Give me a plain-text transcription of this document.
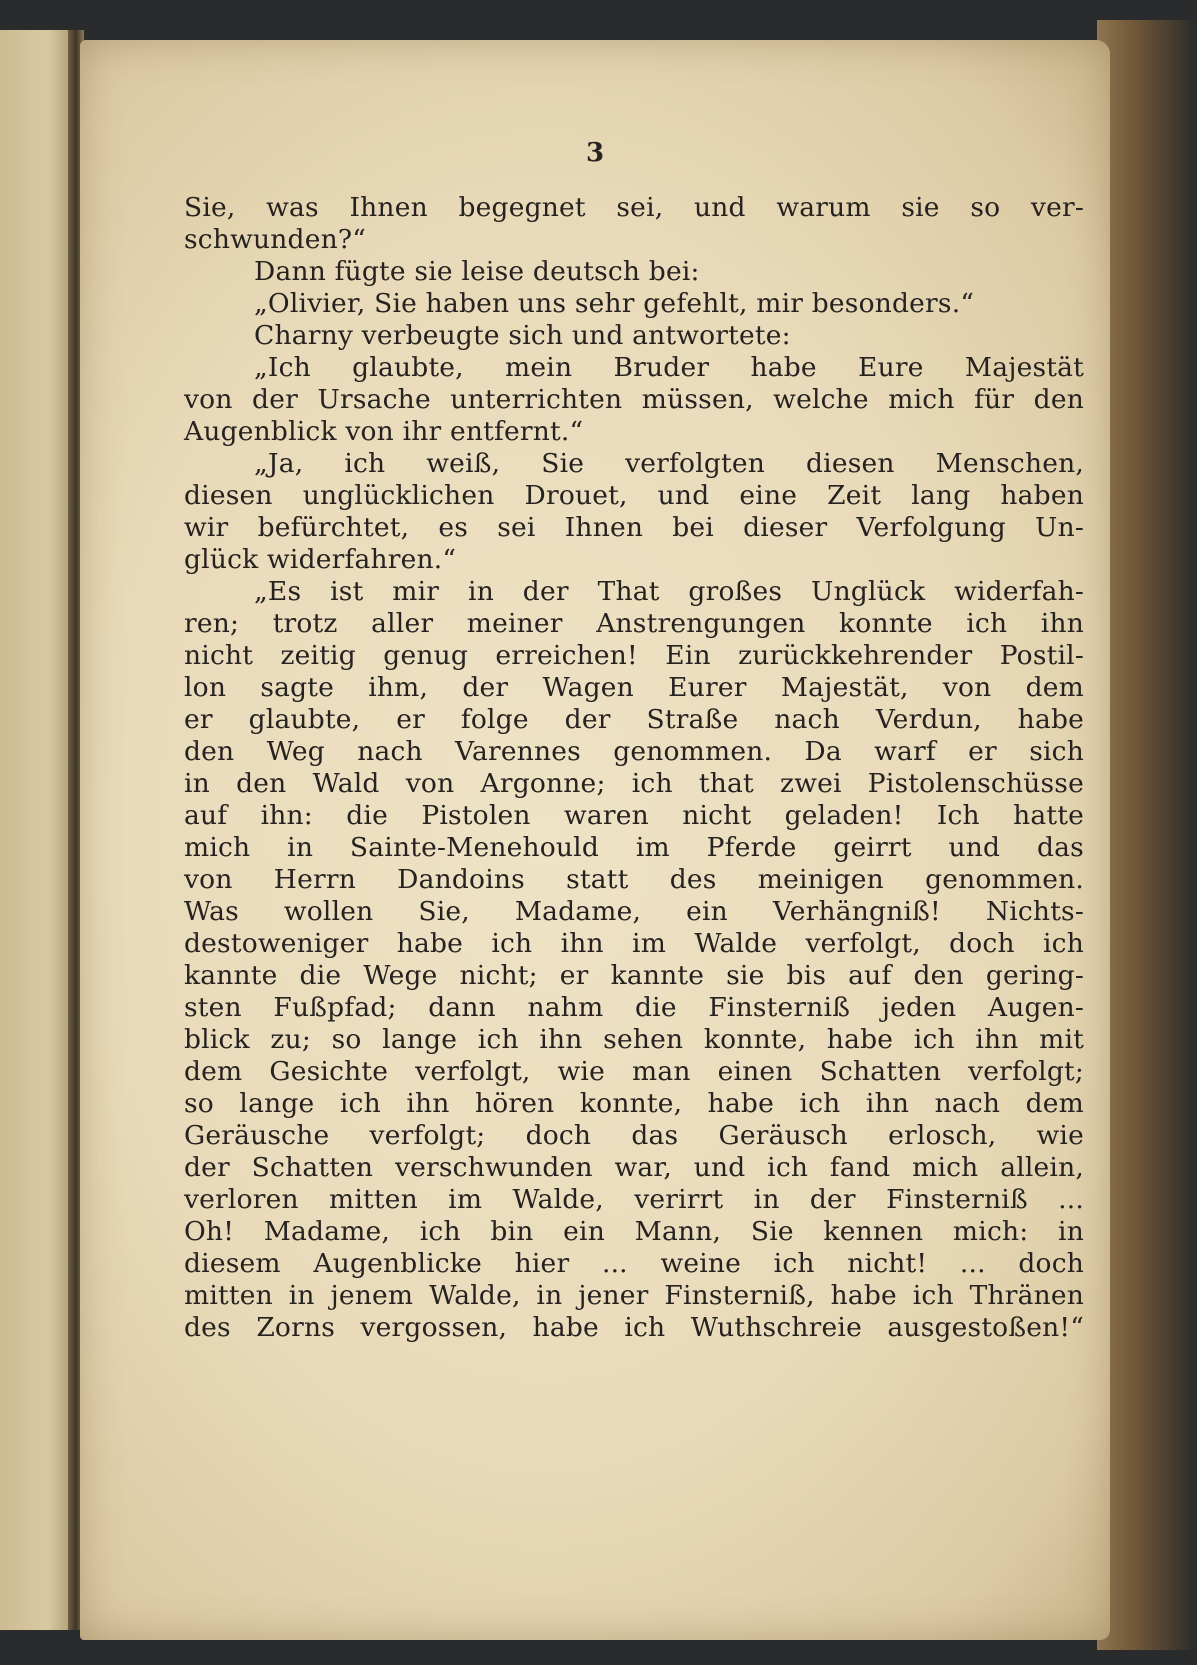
3
Sie, was Ihnen begegnet sei, und warum sie so ver-
schwunden?“
Dann fügte sie leise deutsch bei:
„Olivier, Sie haben uns sehr gefehlt, mir besonders.“
Charny verbeugte sich und antwortete:
„Ich glaubte, mein Bruder habe Eure Majestät
von der Ursache unterrichten müssen, welche mich für den
Augenblick von ihr entfernt.“
„Ja, ich weiß, Sie verfolgten diesen Menschen,
diesen unglücklichen Drouet, und eine Zeit lang haben
wir befürchtet, es sei Ihnen bei dieser Verfolgung Un-
glück widerfahren.“
„Es ist mir in der That großes Unglück widerfah-
ren; trotz aller meiner Anstrengungen konnte ich ihn
nicht zeitig genug erreichen! Ein zurückkehrender Postil-
lon sagte ihm, der Wagen Eurer Majestät, von dem
er glaubte, er folge der Straße nach Verdun, habe
den Weg nach Varennes genommen. Da warf er sich
in den Wald von Argonne; ich that zwei Pistolenschüsse
auf ihn: die Pistolen waren nicht geladen! Ich hatte
mich in Sainte-Menehould im Pferde geirrt und das
von Herrn Dandoins statt des meinigen genommen.
Was wollen Sie, Madame, ein Verhängniß! Nichts-
destoweniger habe ich ihn im Walde verfolgt, doch ich
kannte die Wege nicht; er kannte sie bis auf den gering-
sten Fußpfad; dann nahm die Finsterniß jeden Augen-
blick zu; so lange ich ihn sehen konnte, habe ich ihn mit
dem Gesichte verfolgt, wie man einen Schatten verfolgt;
so lange ich ihn hören konnte, habe ich ihn nach dem
Geräusche verfolgt; doch das Geräusch erlosch, wie
der Schatten verschwunden war, und ich fand mich allein,
verloren mitten im Walde, verirrt in der Finsterniß ...
Oh! Madame, ich bin ein Mann, Sie kennen mich: in
diesem Augenblicke hier ... weine ich nicht! ... doch
mitten in jenem Walde, in jener Finsterniß, habe ich Thränen
des Zorns vergossen, habe ich Wuthschreie ausgestoßen!“
